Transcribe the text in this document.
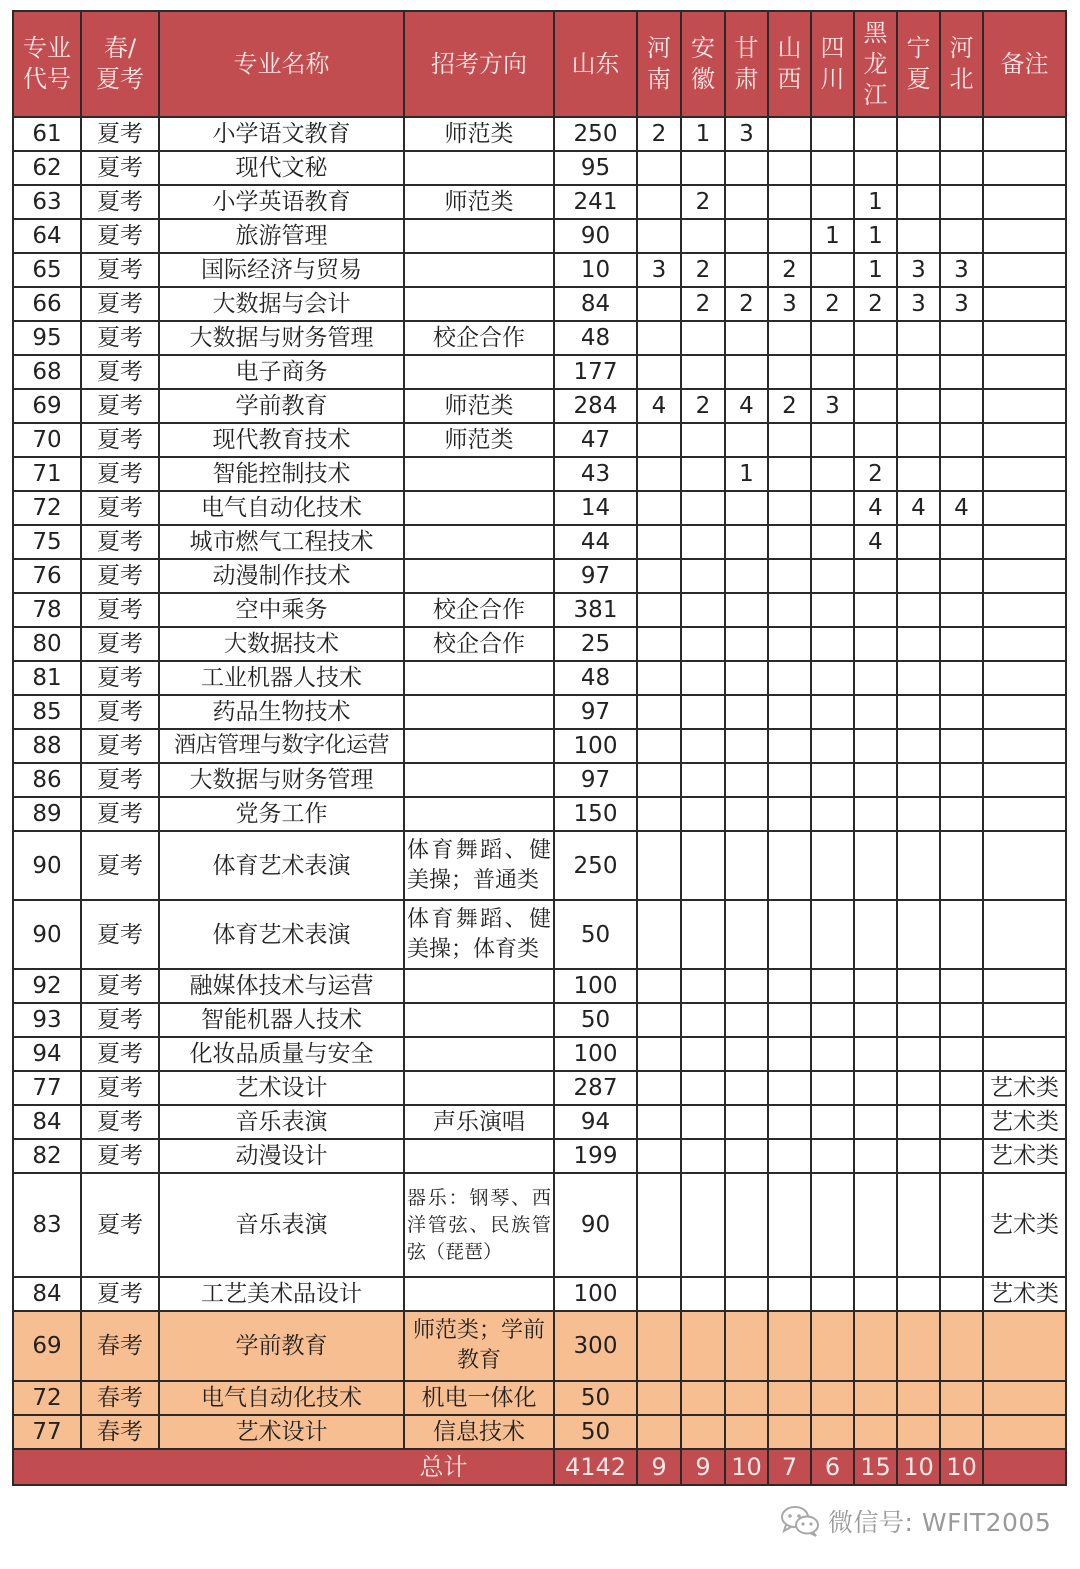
专业代号	春/夏考	专业名称	招考方向	山东	河南	安徽	甘肃	山西	四川	黑龙江	宁夏	河北	备注
61	夏考	小学语文教育	师范类	250	2	1	3						
62	夏考	现代文秘		95									
63	夏考	小学英语教育	师范类	241		2				1			
64	夏考	旅游管理		90					1	1			
65	夏考	国际经济与贸易		10	3	2		2		1	3	3	
66	夏考	大数据与会计		84		2	2	3	2	2	3	3	
95	夏考	大数据与财务管理	校企合作	48									
68	夏考	电子商务		177									
69	夏考	学前教育	师范类	284	4	2	4	2	3				
70	夏考	现代教育技术	师范类	47									
71	夏考	智能控制技术		43			1			2			
72	夏考	电气自动化技术		14						4	4	4	
75	夏考	城市燃气工程技术		44						4			
76	夏考	动漫制作技术		97									
78	夏考	空中乘务	校企合作	381									
80	夏考	大数据技术	校企合作	25									
81	夏考	工业机器人技术		48									
85	夏考	药品生物技术		97									
88	夏考	酒店管理与数字化运营		100									
86	夏考	大数据与财务管理		97									
89	夏考	党务工作		150									
90	夏考	体育艺术表演	体育舞蹈、健美操；普通类	250									
90	夏考	体育艺术表演	体育舞蹈、健美操；体育类	50									
92	夏考	融媒体技术与运营		100									
93	夏考	智能机器人技术		50									
94	夏考	化妆品质量与安全		100									
77	夏考	艺术设计		287									艺术类
84	夏考	音乐表演	声乐演唱	94									艺术类
82	夏考	动漫设计		199									艺术类
83	夏考	音乐表演	器乐：钢琴、西洋管弦、民族管弦（琵琶）	90									艺术类
84	夏考	工艺美术品设计		100									艺术类
69	春考	学前教育	师范类；学前教育	300									
72	春考	电气自动化技术	机电一体化	50									
77	春考	艺术设计	信息技术	50									
总计				4142	9	9	10	7	6	15	10	10	
微信号: WFIT2005
